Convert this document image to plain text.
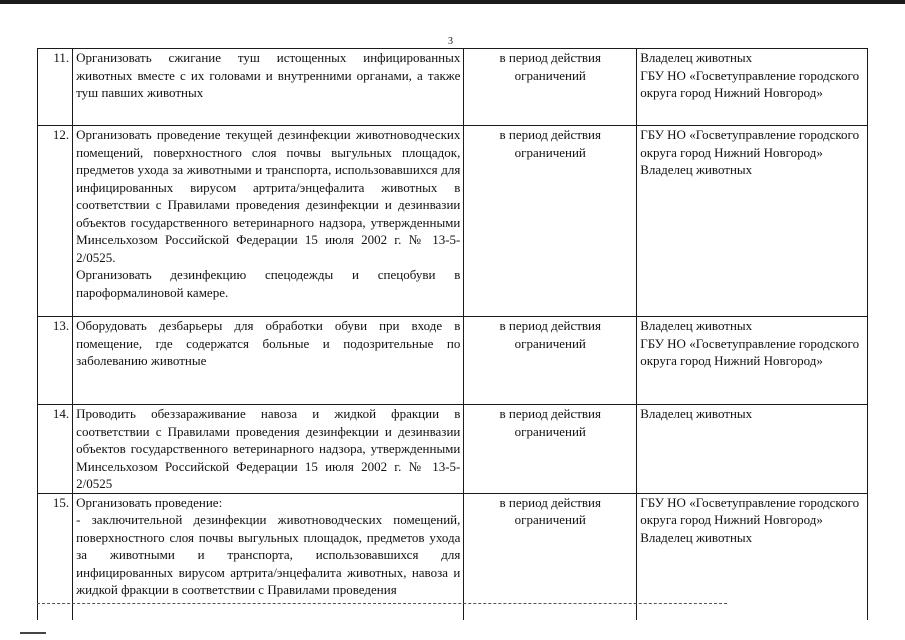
3
11.	Организовать сжигание туш истощенных инфицированных животных вместе с их головами и внутренними органами, а также туш павших животных	в период действия ограничений	Владелец животных
ГБУ НО «Госветуправление городского округа город Нижний Новгород»

12.	Организовать проведение текущей дезинфекции животноводческих помещений, поверхностного слоя почвы выгульных площадок, предметов ухода за животными и транспорта, использовавшихся для инфицированных вирусом артрита/энцефалита животных в соответствии с Правилами проведения дезинфекции и дезинвазии объектов государственного ветеринарного надзора, утвержденными Минсельхозом Российской Федерации 15 июля 2002 г. № 13-5-2/0525.
Организовать дезинфекцию спецодежды и спецобуви в пароформалиновой камере.	в период действия ограничений	ГБУ НО «Госветуправление городского округа город Нижний Новгород»
Владелец животных

13.	Оборудовать дезбарьеры для обработки обуви при входе в помещение, где содержатся больные и подозрительные по заболеванию животные	в период действия ограничений	Владелец животных
ГБУ НО «Госветуправление городского округа город Нижний Новгород»

14.	Проводить обеззараживание навоза и жидкой фракции в соответствии с Правилами проведения дезинфекции и дезинвазии объектов государственного ветеринарного надзора, утвержденными Минсельхозом Российской Федерации 15 июля 2002 г. № 13-5-2/0525	в период действия ограничений	Владелец животных

15.	Организовать проведение:
- заключительной дезинфекции животноводческих помещений, поверхностного слоя почвы выгульных площадок, предметов ухода за животными и транспорта, использовавшихся для инфицированных вирусом артрита/энцефалита животных, навоза и жидкой фракции в соответствии с Правилами проведения	в период действия ограничений	ГБУ НО «Госветуправление городского округа город Нижний Новгород»
Владелец животных
